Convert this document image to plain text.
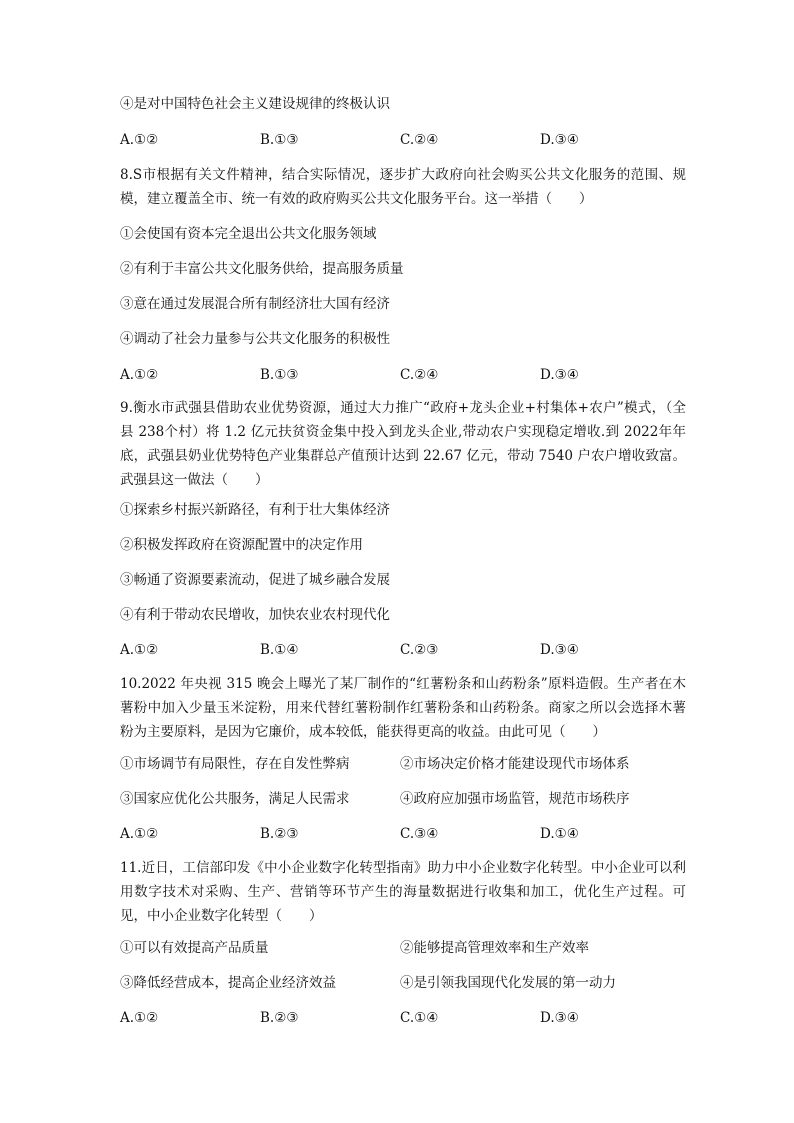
④是对中国特色社会主义建设规律的终极认识
A.①②	B.①③	C.②④	D.③④
8.S市根据有关文件精神，结合实际情况，逐步扩大政府向社会购买公共文化服务的范围、规模，建立覆盖全市、统一有效的政府购买公共文化服务平台。这一举措（　　）
①会使国有资本完全退出公共文化服务领域
②有利于丰富公共文化服务供给，提高服务质量
③意在通过发展混合所有制经济壮大国有经济
④调动了社会力量参与公共文化服务的积极性
A.①②	B.①③	C.②④	D.③④
9.衡水市武强县借助农业优势资源，通过大力推广“政府+龙头企业+村集体+农户”模式，（全县 238个村）将 1.2 亿元扶贫资金集中投入到龙头企业,带动农户实现稳定增收.到 2022年年底，武强县奶业优势特色产业集群总产值预计达到 22.67 亿元，带动 7540 户农户增收致富。武强县这一做法（　　）
①探索乡村振兴新路径，有利于壮大集体经济
②积极发挥政府在资源配置中的决定作用
③畅通了资源要素流动，促进了城乡融合发展
④有利于带动农民增收，加快农业农村现代化
A.①②	B.①④	C.②③	D.③④
10.2022 年央视 315 晚会上曝光了某厂制作的“红薯粉条和山药粉条”原料造假。生产者在木薯粉中加入少量玉米淀粉，用来代替红薯粉制作红薯粉条和山药粉条。商家之所以会选择木薯粉为主要原料，是因为它廉价，成本较低，能获得更高的收益。由此可见（　　）
①市场调节有局限性，存在自发性弊病	②市场决定价格才能建设现代市场体系
③国家应优化公共服务，满足人民需求	④政府应加强市场监管，规范市场秩序
A.①②	B.②③	C.③④	D.①④
11.近日，工信部印发《中小企业数字化转型指南》助力中小企业数字化转型。中小企业可以利用数字技术对采购、生产、营销等环节产生的海量数据进行收集和加工，优化生产过程。可见，中小企业数字化转型（　　）
①可以有效提高产品质量	②能够提高管理效率和生产效率
③降低经营成本，提高企业经济效益	④是引领我国现代化发展的第一动力
A.①②	B.②③	C.①④	D.③④
